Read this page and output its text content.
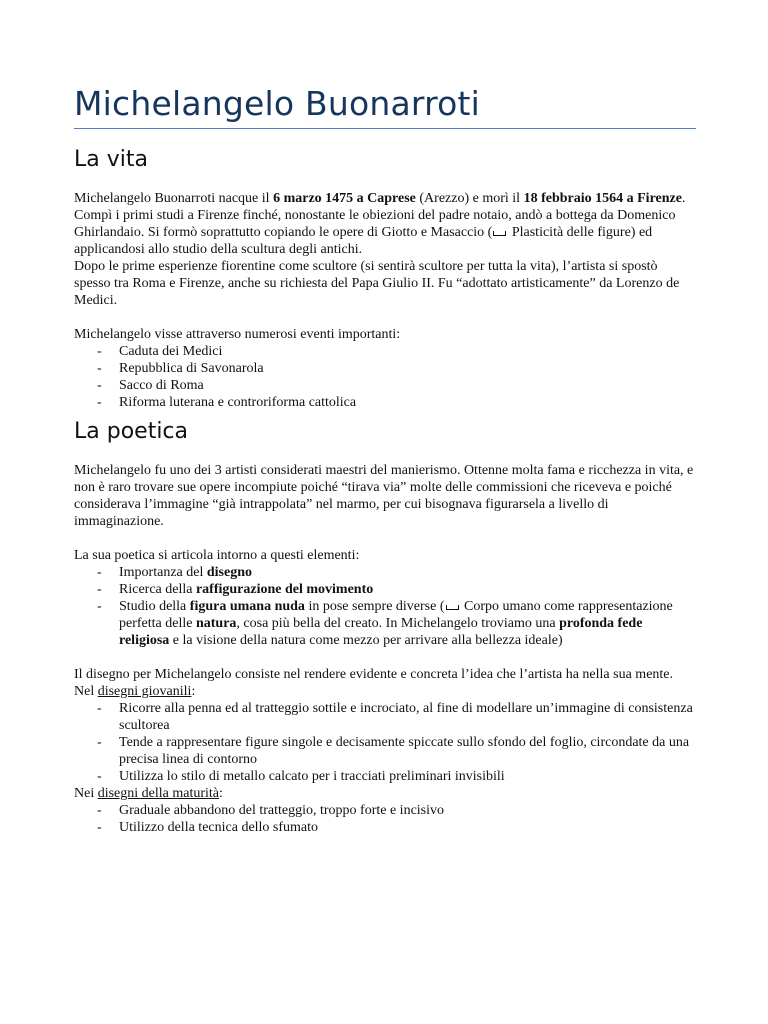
Michelangelo Buonarroti
La vita

Michelangelo Buonarroti nacque il 6 marzo 1475 a Caprese (Arezzo) e morì il 18 febbraio 1564 a Firenze.

Compì i primi studi a Firenze finché, nonostante le obiezioni del padre notaio, andò a bottega da Domenico Ghirlandaio. Si formò soprattutto copiando le opere di Giotto e Masaccio ( Plasticità delle figure) ed applicandosi allo studio della scultura degli antichi.

Dopo le prime esperienze fiorentine come scultore (si sentirà scultore per tutta la vita), l’artista si spostò spesso tra Roma e Firenze, anche su richiesta del Papa Giulio II. Fu “adottato artisticamente” da Lorenzo de Medici.

Michelangelo visse attraverso numerosi eventi importanti:

- Caduta dei Medici
- Repubblica di Savonarola
- Sacco di Roma
- Riforma luterana e controriforma cattolica
La poetica

Michelangelo fu uno dei 3 artisti considerati maestri del manierismo. Ottenne molta fama e ricchezza in vita, e non è raro trovare sue opere incompiute poiché “tirava via” molte delle commissioni che riceveva e poiché considerava l’immagine “già intrappolata” nel marmo, per cui bisognava figurarsela a livello di immaginazione.

La sua poetica si articola intorno a questi elementi:

- Importanza del disegno
- Ricerca della raffigurazione del movimento
- Studio della figura umana nuda in pose sempre diverse ( Corpo umano come rappresentazione perfetta delle natura, cosa più bella del creato. In Michelangelo troviamo una profonda fede religiosa e la visione della natura come mezzo per arrivare alla bellezza ideale)

Il disegno per Michelangelo consiste nel rendere evidente e concreta l’idea che l’artista ha nella sua mente.

Nel disegni giovanili:

- Ricorre alla penna ed al tratteggio sottile e incrociato, al fine di modellare un’immagine di consistenza scultorea
- Tende a rappresentare figure singole e decisamente spiccate sullo sfondo del foglio, circondate da una precisa linea di contorno
- Utilizza lo stilo di metallo calcato per i tracciati preliminari invisibili

Nei disegni della maturità:

- Graduale abbandono del tratteggio, troppo forte e incisivo
- Utilizzo della tecnica dello sfumato
